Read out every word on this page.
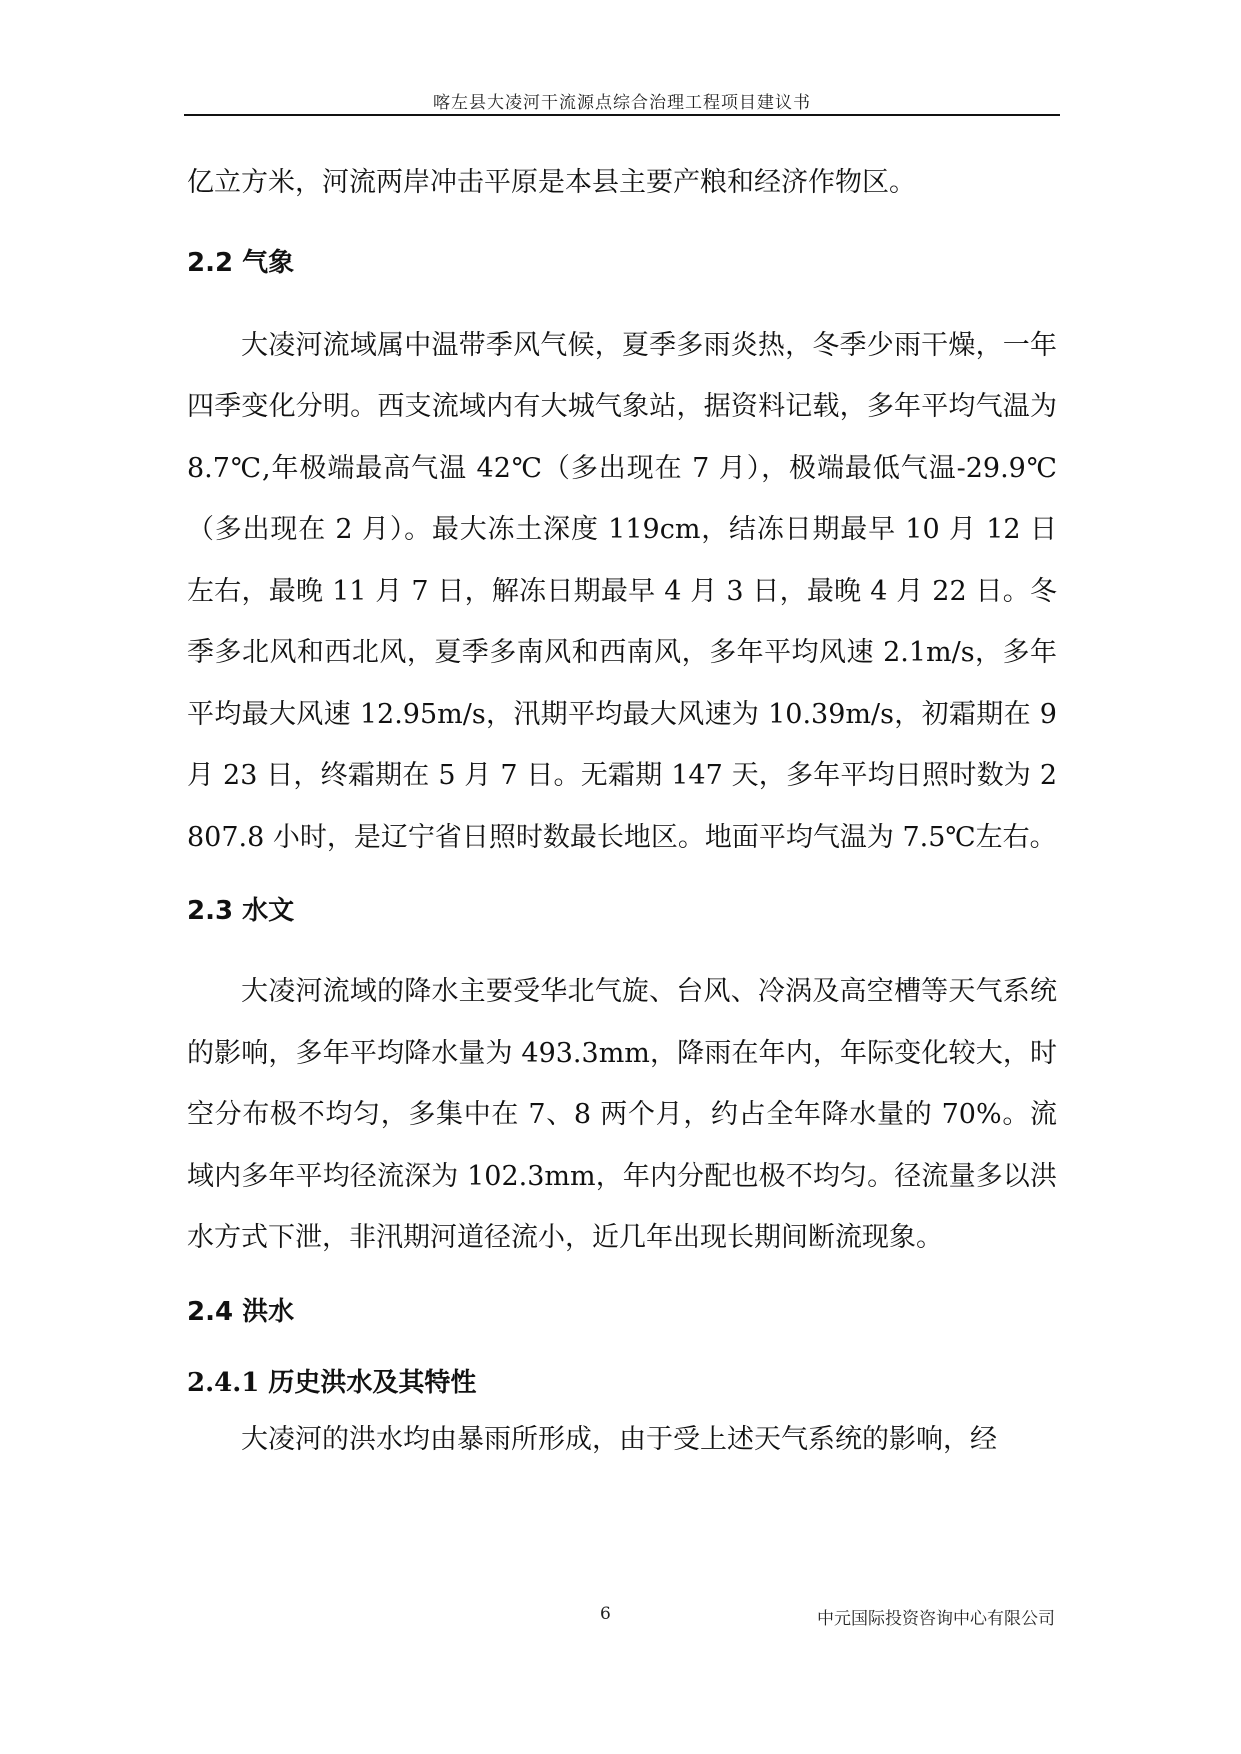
喀左县大凌河干流源点综合治理工程项目建议书

亿立方米，河流两岸冲击平原是本县主要产粮和经济作物区。

2.2 气象

大凌河流域属中温带季风气候，夏季多雨炎热，冬季少雨干燥，一年四季变化分明。西支流域内有大城气象站，据资料记载，多年平均气温为 8.7℃,年极端最高气温 42℃（多出现在 7 月），极端最低气温-29.9℃（多出现在 2 月）。最大冻土深度 119cm，结冻日期最早 10 月 12 日左右，最晚 11 月 7 日，解冻日期最早 4 月 3 日，最晚 4 月 22 日。冬季多北风和西北风，夏季多南风和西南风，多年平均风速 2.1m/s，多年平均最大风速 12.95m/s，汛期平均最大风速为 10.39m/s，初霜期在 9 月 23 日，终霜期在 5 月 7 日。无霜期 147 天，多年平均日照时数为 2807.8 小时，是辽宁省日照时数最长地区。地面平均气温为 7.5℃左右。

2.3 水文

大凌河流域的降水主要受华北气旋、台风、冷涡及高空槽等天气系统的影响，多年平均降水量为 493.3mm，降雨在年内，年际变化较大，时空分布极不均匀，多集中在 7、8 两个月，约占全年降水量的 70%。流域内多年平均径流深为 102.3mm，年内分配也极不均匀。径流量多以洪水方式下泄，非汛期河道径流小，近几年出现长期间断流现象。

2.4 洪水
2.4.1 历史洪水及其特性

大凌河的洪水均由暴雨所形成，由于受上述天气系统的影响，经

6	中元国际投资咨询中心有限公司
